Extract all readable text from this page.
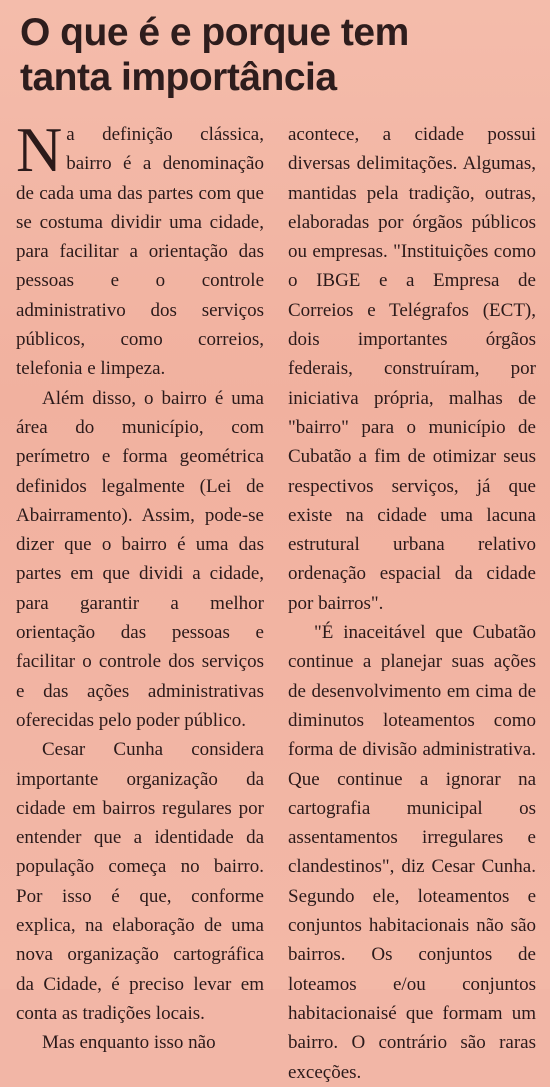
O que é e porque tem
tanta importância

Na definição clássica, bairro é a denominação de cada uma das partes com que se costuma dividir uma cidade, para facilitar a orientação das pessoas e o controle administrativo dos serviços públicos, como correios, telefonia e limpeza.

Além disso, o bairro é uma área do município, com perímetro e forma geométrica definidos legalmente (Lei de Abairramento). Assim, pode-se dizer que o bairro é uma das partes em que dividi a cidade, para garantir a melhor orientação das pessoas e facilitar o controle dos serviços e das ações administrativas oferecidas pelo poder público.

Cesar Cunha considera importante organização da cidade em bairros regulares por entender que a identidade da população começa no bairro. Por isso é que, conforme explica, na elaboração de uma nova organização cartográfica da Cidade, é preciso levar em conta as tradições locais.

Mas enquanto isso não

acontece, a cidade possui diversas delimitações. Algumas, mantidas pela tradição, outras, elaboradas por órgãos públicos ou empresas. "Instituições como o IBGE e a Empresa de Correios e Telégrafos (ECT), dois importantes órgãos federais, construíram, por iniciativa própria, malhas de "bairro" para o município de Cubatão a fim de otimizar seus respectivos serviços, já que existe na cidade uma lacuna estrutural urbana relativo ordenação espacial da cidade por bairros".

"É inaceitável que Cubatão continue a planejar suas ações de desenvolvimento em cima de diminutos loteamentos como forma de divisão administrativa. Que continue a ignorar na cartografia municipal os assentamentos irregulares e clandestinos", diz Cesar Cunha. Segundo ele, loteamentos e conjuntos habitacionais não são bairros. Os conjuntos de loteamos e/ou conjuntos habitacionaisé que formam um bairro. O contrário são raras exceções.
